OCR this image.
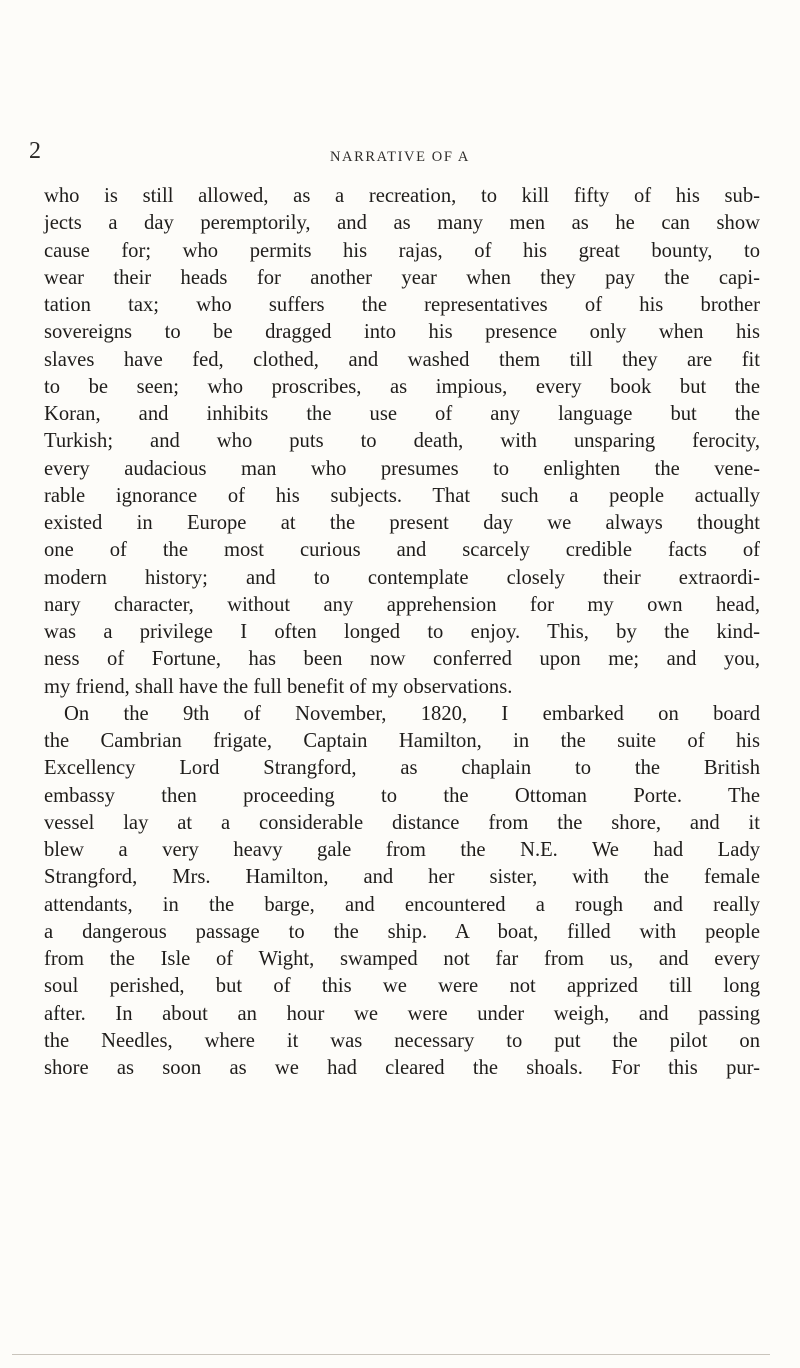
2	NARRATIVE OF A
who is still allowed, as a recreation, to kill fifty of his sub-
jects a day peremptorily, and as many men as he can show
cause for; who permits his rajas, of his great bounty, to
wear their heads for another year when they pay the capi-
tation tax; who suffers the representatives of his brother
sovereigns to be dragged into his presence only when his
slaves have fed, clothed, and washed them till they are fit
to be seen; who proscribes, as impious, every book but the
Koran, and inhibits the use of any language but the
Turkish; and who puts to death, with unsparing ferocity,
every audacious man who presumes to enlighten the vene-
rable ignorance of his subjects. That such a people actually
existed in Europe at the present day we always thought
one of the most curious and scarcely credible facts of
modern history; and to contemplate closely their extraordi-
nary character, without any apprehension for my own head,
was a privilege I often longed to enjoy. This, by the kind-
ness of Fortune, has been now conferred upon me; and you,
my friend, shall have the full benefit of my observations.
On the 9th of November, 1820, I embarked on board
the Cambrian frigate, Captain Hamilton, in the suite of his
Excellency Lord Strangford, as chaplain to the British
embassy then proceeding to the Ottoman Porte. The
vessel lay at a considerable distance from the shore, and it
blew a very heavy gale from the N.E. We had Lady
Strangford, Mrs. Hamilton, and her sister, with the female
attendants, in the barge, and encountered a rough and really
a dangerous passage to the ship. A boat, filled with people
from the Isle of Wight, swamped not far from us, and every
soul perished, but of this we were not apprized till long
after. In about an hour we were under weigh, and passing
the Needles, where it was necessary to put the pilot on
shore as soon as we had cleared the shoals. For this pur-
